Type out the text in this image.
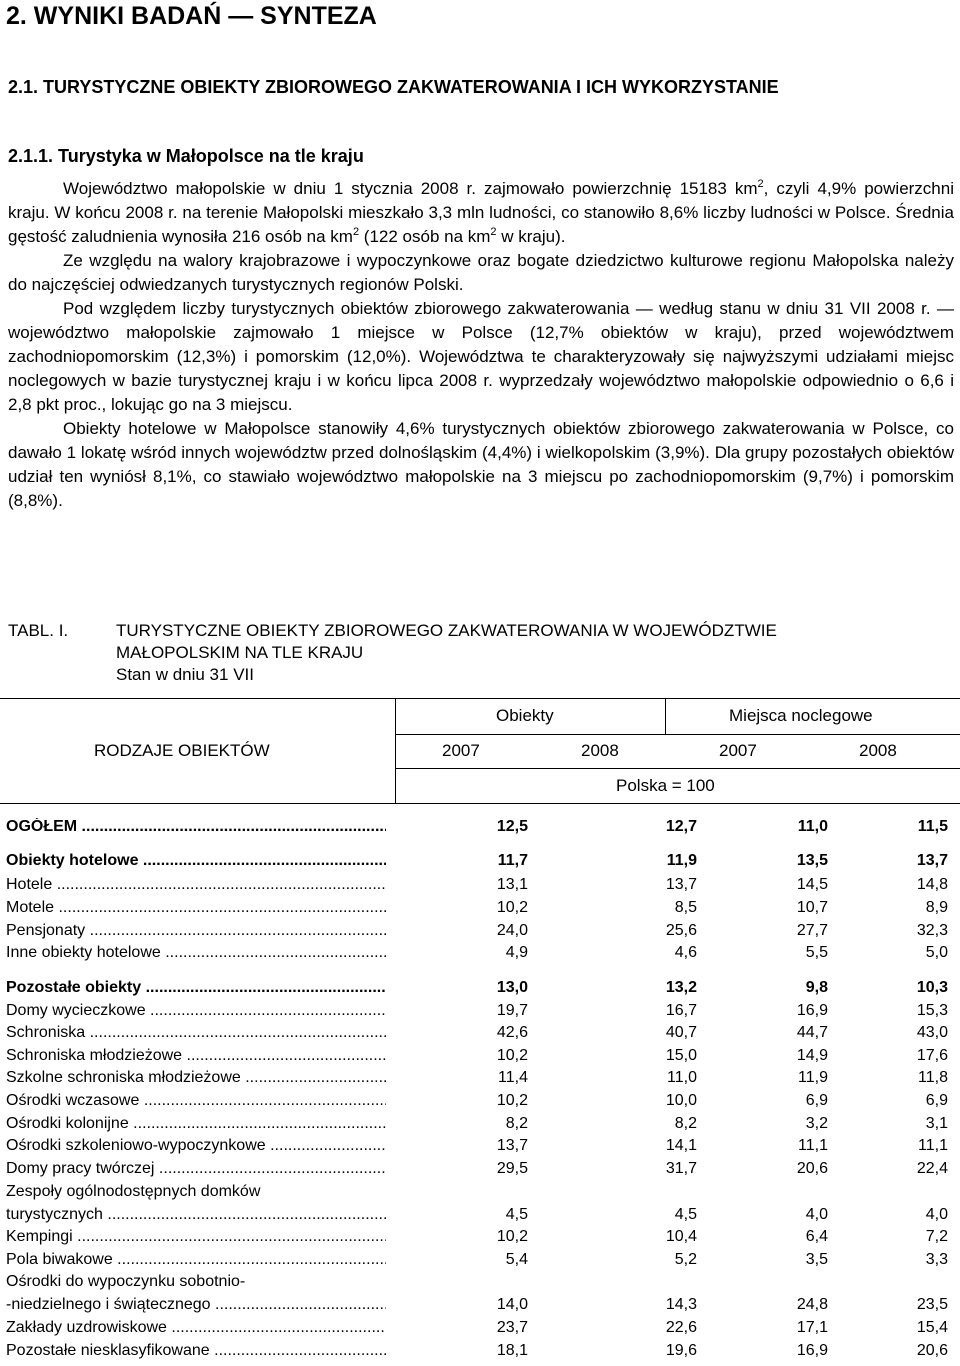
2. WYNIKI BADAŃ — SYNTEZA
2.1. TURYSTYCZNE OBIEKTY ZBIOROWEGO ZAKWATEROWANIA I ICH WYKORZYSTANIE
2.1.1. Turystyka w Małopolsce na tle kraju

Województwo małopolskie w dniu 1 stycznia 2008 r. zajmowało powierzchnię 15183 $km^2$, czyli 4,9% powierzchni kraju. W końcu 2008 r. na terenie Małopolski mieszkało 3,3 mln ludności, co stanowiło 8,6% liczby ludności w Polsce. Średnia gęstość zaludnienia wynosiła 216 osób na $km^2$ (122 osób na $km^2$ w kraju).

Ze względu na walory krajobrazowe i wypoczynkowe oraz bogate dziedzictwo kulturowe regionu Małopolska należy do najczęściej odwiedzanych turystycznych regionów Polski.

Pod względem liczby turystycznych obiektów zbiorowego zakwaterowania — według stanu w dniu 31 VII 2008 r. — województwo małopolskie zajmowało 1 miejsce w Polsce (12,7% obiektów w kraju), przed województwem zachodniopomorskim (12,3%) i pomorskim (12,0%). Województwa te charakteryzowały się najwyższymi udziałami miejsc noclegowych w bazie turystycznej kraju i w końcu lipca 2008 r. wyprzedzały województwo małopolskie odpowiednio o 6,6 i 2,8 pkt proc., lokując go na 3 miejscu.

Obiekty hotelowe w Małopolsce stanowiły 4,6% turystycznych obiektów zbiorowego zakwaterowania w Polsce, co dawało 1 lokatę wśród innych województw przed dolnośląskim (4,4%) i wielkopolskim (3,9%). Dla grupy pozostałych obiektów udział ten wyniósł 8,1%, co stawiało województwo małopolskie na 3 miejscu po zachodniopomorskim (9,7%) i pomorskim (8,8%).

TABL. I.	TURYSTYCZNE OBIEKTY ZBIOROWEGO ZAKWATEROWANIA W WOJEWÓDZTWIE
MAŁOPOLSKIM NA TLE KRAJU
Stan w dniu 31 VII
RODZAJE OBIEKTÓW
Obiekty	Miejsca noclegowe
2007	2008	2007	2008
Polska = 100
OGÓŁEM .....	12,5	12,7	11,0	11,5
Obiekty hotelowe .....	11,7	11,9	13,5	13,7
Hotele .....	13,1	13,7	14,5	14,8
Motele .....	10,2	8,5	10,7	8,9
Pensjonaty .....	24,0	25,6	27,7	32,3
Inne obiekty hotelowe .....	4,9	4,6	5,5	5,0
Pozostałe obiekty .....	13,0	13,2	9,8	10,3
Domy wycieczkowe .....	19,7	16,7	16,9	15,3
Schroniska .....	42,6	40,7	44,7	43,0
Schroniska młodzieżowe .....	10,2	15,0	14,9	17,6
Szkolne schroniska młodzieżowe .....	11,4	11,0	11,9	11,8
Ośrodki wczasowe .....	10,2	10,0	6,9	6,9
Ośrodki kolonijne .....	8,2	8,2	3,2	3,1
Ośrodki szkoleniowo-wypoczynkowe .....	13,7	14,1	11,1	11,1
Domy pracy twórczej .....	29,5	31,7	20,6	22,4
Zespoły ogólnodostępnych domków
turystycznych .....	4,5	4,5	4,0	4,0
Kempingi .....	10,2	10,4	6,4	7,2
Pola biwakowe .....	5,4	5,2	3,5	3,3
Ośrodki do wypoczynku sobotnio-
-niedzielnego i świątecznego .....	14,0	14,3	24,8	23,5
Zakłady uzdrowiskowe .....	23,7	22,6	17,1	15,4
Pozostałe niesklasyfikowane .....	18,1	19,6	16,9	20,6
